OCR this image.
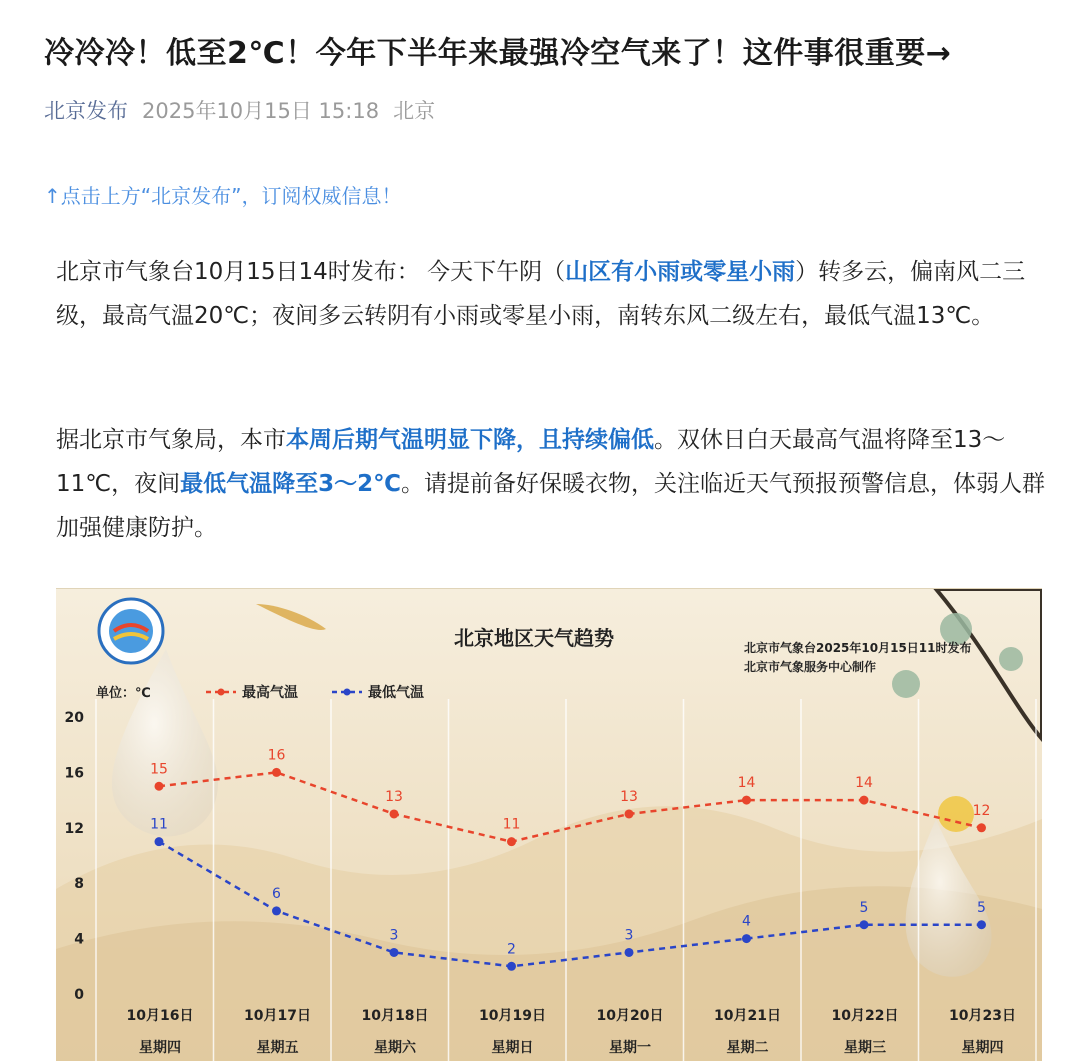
冷冷冷！低至2℃！今年下半年来最强冷空气来了！这件事很重要→
北京发布 2025年10月15日 15:18 北京
↑点击上方“北京发布”，订阅权威信息！

北京市气象台10月15日14时发布： 今天下午阴（山区有小雨或零星小雨）转多云，偏南风二三级，最高气温20℃；夜间多云转阴有小雨或零星小雨，南转东风二级左右，最低气温13℃。

据北京市气象局，本市本周后期气温明显下降，且持续偏低。双休日白天最高气温将降至13～11℃，夜间最低气温降至3～2℃。请提前备好保暖衣物，关注临近天气预报预警信息，体弱人群加强健康防护。

北京地区天气趋势	北京市气象台2025年10月15日11时发布
北京市气象服务中心制作
单位：℃	最高气温	最低气温
20
16
12
8
4
0
15
16
13
11
13
14	14
12
11
6
3
2
3
4
5	5
10月16日
星期四
10月17日
星期五
10月18日
星期六
10月19日
星期日
10月20日
星期一
10月21日
星期二
10月22日
星期三
10月23日
星期四
